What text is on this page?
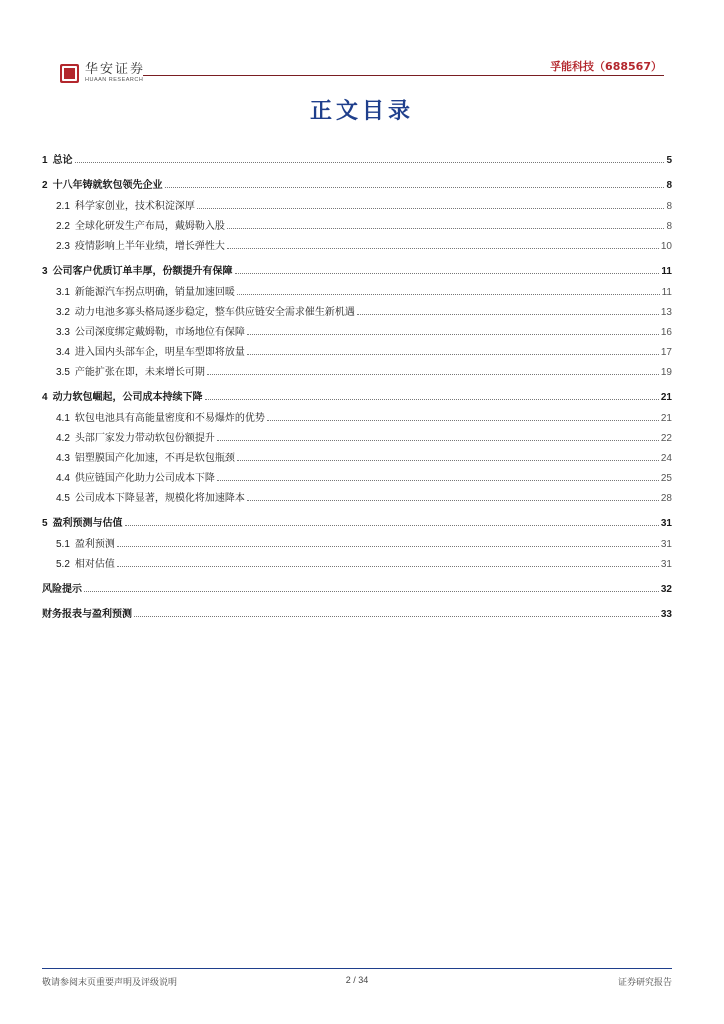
华安证券
HUAAN RESEARCH
孚能科技（688567）
正文目录
1 总论	5
2 十八年铸就软包领先企业	8
2.1 科学家创业，技术积淀深厚	8
2.2 全球化研发生产布局，戴姆勒入股	8
2.3 疫情影响上半年业绩，增长弹性大	10
3 公司客户优质订单丰厚，份额提升有保障	11
3.1 新能源汽车拐点明确，销量加速回暖	11
3.2 动力电池多寡头格局逐步稳定，整车供应链安全需求催生新机遇	13
3.3 公司深度绑定戴姆勒，市场地位有保障	16
3.4 进入国内头部车企，明星车型即将放量	17
3.5 产能扩张在即，未来增长可期	19
4 动力软包崛起，公司成本持续下降	21
4.1 软包电池具有高能量密度和不易爆炸的优势	21
4.2 头部厂家发力带动软包份额提升	22
4.3 铝塑膜国产化加速，不再是软包瓶颈	24
4.4 供应链国产化助力公司成本下降	25
4.5 公司成本下降显著，规模化将加速降本	28
5 盈利预测与估值	31
5.1 盈利预测	31
5.2 相对估值	31
风险提示	32
财务报表与盈利预测	33
敬请参阅末页重要声明及评级说明	2 / 34	证券研究报告
